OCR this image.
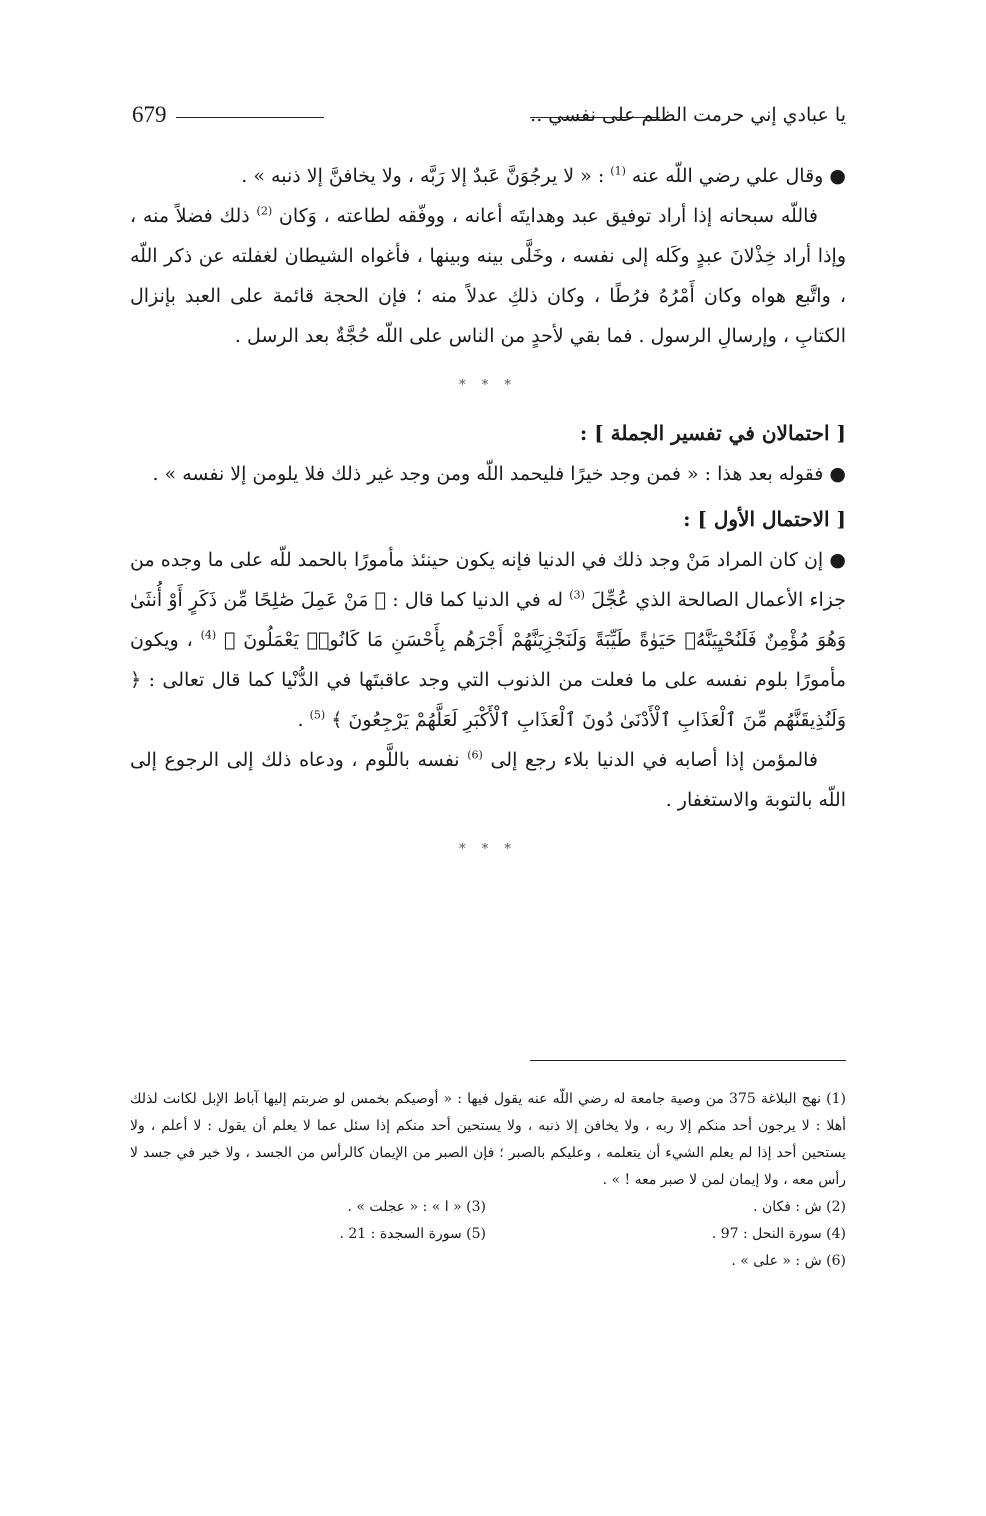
679	يا عبادي إني حرمت الظلم على نفسي ..

● وقال علي رضي اللّه عنه $^{(1)}$ : « لا يرجُوَنَّ عَبدٌ إلا رَبَّه ، ولا يخافنَّ إلا ذنبه » .

فاللّه سبحانه إذا أراد توفيق عبد وهدايتَه أعانه ، ووفّقه لطاعته ، وَكان $^{(2)}$ ذلك فضلاً منه ، وإذا أراد خِذْلانَ عبدٍ وكَله إلى نفسه ، وخَلَّى بينه وبينها ، فأغواه الشيطان لغفلته عن ذكر اللّه ، واتَّبع هواه وكان أَمْرُهُ فرُطًا ، وكان ذلكِ عدلاً منه ؛ فإن الحجة قائمة على العبد بإنزال الكتابِ ، وإرسالِ الرسول . فما بقي لأحدٍ من الناس على اللّه حُجَّةٌ بعد الرسل .

* * *

[ احتمالان في تفسير الجملة ] :

● فقوله بعد هذا : « فمن وجد خيرًا فليحمد اللّه ومن وجد غير ذلك فلا يلومن إلا نفسه » .

[ الاحتمال الأول ] :

● إن كان المراد مَنْ وجد ذلك في الدنيا فإنه يكون حينئذ مأمورًا بالحمد للّه على ما وجده من جزاء الأعمال الصالحة الذي عُجِّلَ $^{(3)}$ له في الدنيا كما قال : ﴿ مَنْ عَمِلَ صَٰلِحًا مِّن ذَكَرٍ أَوْ أُنثَىٰ وَهُوَ مُؤْمِنٌ فَلَنُحْيِيَنَّهُۥ حَيَوٰةً طَيِّبَةً وَلَنَجْزِيَنَّهُمْ أَجْرَهُم بِأَحْسَنِ مَا كَانُوا۟ يَعْمَلُونَ ﴾ $^{(4)}$ ، ويكون مأمورًا بلوم نفسه على ما فعلت من الذنوب التي وجد عاقبتَها في الدُّنْيا كما قال تعالى : ﴿ وَلَنُذِيقَنَّهُم مِّنَ ٱلْعَذَابِ ٱلْأَدْنَىٰ دُونَ ٱلْعَذَابِ ٱلْأَكْبَرِ لَعَلَّهُمْ يَرْجِعُونَ ﴾ $^{(5)}$ .

فالمؤمن إذا أصابه في الدنيا بلاء رجع إلى $^{(6)}$ نفسه باللَّوم ، ودعاه ذلك إلى الرجوع إلى اللّه بالتوبة والاستغفار .

* * *
(1) نهج البلاغة 375 من وصية جامعة له رضي اللّه عنه يقول فيها : « أوصيكم بخمس لو ضربتم إليها آباط الإبل لكانت لذلك أهلا : لا يرجون أحد منكم إلا ربه ، ولا يخافن إلا ذنبه ، ولا يستحين أحد منكم إذا سئل عما لا يعلم أن يقول : لا أعلم ، ولا يستحين أحد إذا لم يعلم الشيء أن يتعلمه ، وعليكم بالصبر ؛ فإن الصبر من الإيمان كالرأس من الجسد ، ولا خير في جسد لا رأس معه ، ولا إيمان لمن لا صبر معه ! » .
(2) ش : فكان .
(3) « ا » : « عجلت » .
(4) سورة النحل : 97 .
(5) سورة السجدة : 21 .
(6) ش : « على » .
